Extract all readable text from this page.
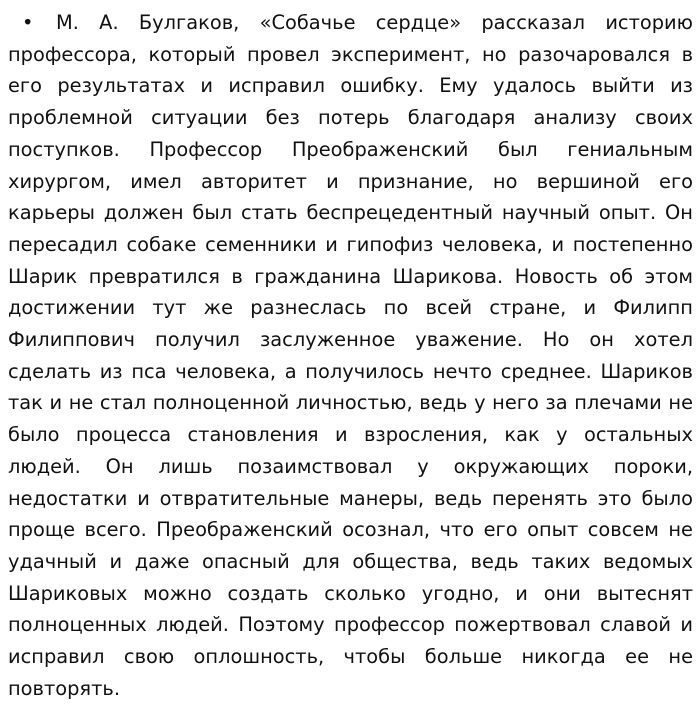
• М. А. Булгаков, «Собачье сердце» рассказал историю профессора, который провел эксперимент, но разочаровался в его результатах и исправил ошибку. Ему удалось выйти из проблемной ситуации без потерь благодаря анализу своих поступков. Профессор Преображенский был гениальным хирургом, имел авторитет и признание, но вершиной его карьеры должен был стать беспрецедентный научный опыт. Он пересадил собаке семенники и гипофиз человека, и постепенно Шарик превратился в гражданина Шарикова. Новость об этом достижении тут же разнеслась по всей стране, и Филипп Филиппович получил заслуженное уважение. Но он хотел сделать из пса человека, а получилось нечто среднее. Шариков так и не стал полноценной личностью, ведь у него за плечами не было процесса становления и взросления, как у остальных людей. Он лишь позаимствовал у окружающих пороки, недостатки и отвратительные манеры, ведь перенять это было проще всего. Преображенский осознал, что его опыт совсем не удачный и даже опасный для общества, ведь таких ведомых Шариковых можно создать сколько угодно, и они вытеснят полноценных людей. Поэтому профессор пожертвовал славой и исправил свою оплошность, чтобы больше никогда ее не повторять.
